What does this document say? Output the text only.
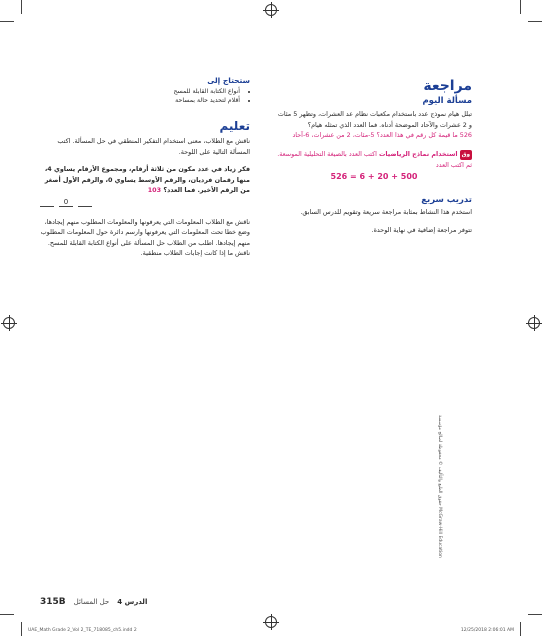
ستحتاج إلى
• أنواع الكتابة القابلة للمسح
• أقلام لتحديد حالة بمساحة
تعليم
ناقش مع الطلاب، معنى استخدام التفكير المنطقي في حل المسألة. اكتب المسألة التالية على اللوحة.
فكر زياد في عدد مكون من ثلاثة أرقام، ومجموع الأرقام يساوي 4، منها رقمان فرديان، والرقم الأوسط يساوي 0، والرقم الأول أصغر من الرقم الأخير. فما العدد؟ 103
0
ناقش مع الطلاب المعلومات التي يعرفونها والمعلومات المطلوب منهم إيجادها، وضع خطا تحت المعلومات التي يعرفونها وارسم دائرة حول المعلومات المطلوب منهم إيجادها. اطلب من الطلاب حل المسألة على أنواع الكتابة القابلة للمسح. ناقش ما إذا كانت إجابات الطلاب منطقية.
مراجعة
مسألة اليوم
تبلل هيام نموذج عدد باستخدام مكعبات نظام عد العشرات، وتظهر 5 مئات و 2 عشرات والآحاد الموضحة أدناه. فما العدد الذي تمثله هيام؟
526 ما قيمة كل رقم في هذا العدد؟ 5-مئات، 2 من عشرات، 6-آحاد
وق استخدام نماذج الرياضيات اكتب العدد بالصيغة التحليلية الموسعة. ثم اكتب العدد
500 + 20 + 6 = 526
تدريب سريع
استخدم هذا النشاط بمثابة مراجعة سريعة وتقويم للدرس السابق.
تتوفر مراجعة إضافية في نهاية الوحدة.
حقوق الطبع والتأليف © محفوظة لصالح مؤسسة McGraw-Hill Education
315B حل المسائل الدرس 4
UAE_Math Grade 2_Vol 2_TE_718085_ch5.indd 2	12/25/2018 2:06:01 AM
